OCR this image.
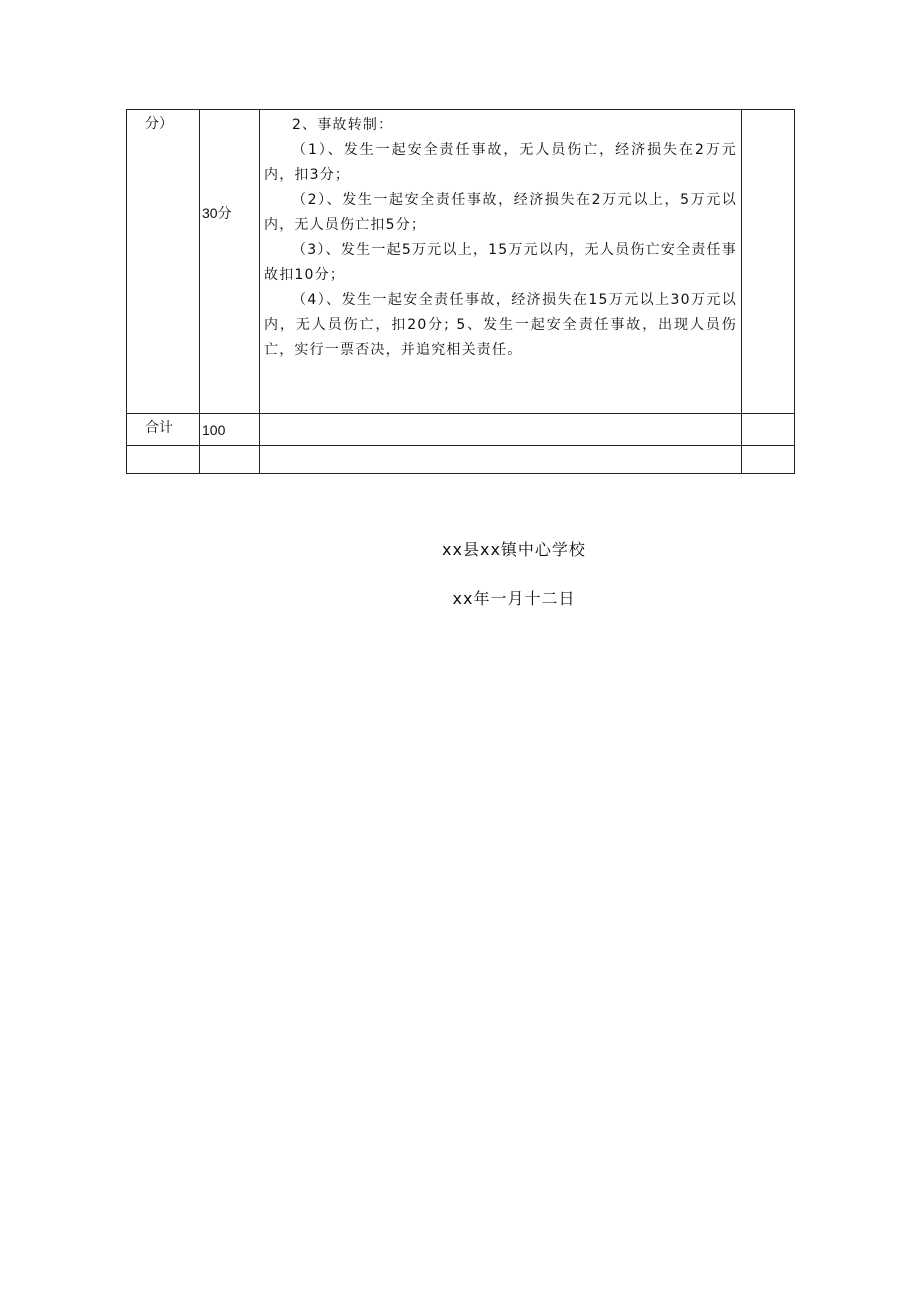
分）	30分	2、事故转制：
（1）、发生一起安全责任事故，无人员伤亡，经济损失在2万元内，扣3分；
（2）、发生一起安全责任事故，经济损失在2万元以上，5万元以内，无人员伤亡扣5分；
（3）、发生一起5万元以上，15万元以内，无人员伤亡安全责任事故扣10分；
（4）、发生一起安全责任事故，经济损失在15万元以上30万元以内，无人员伤亡，扣20分; 5、发生一起安全责任事故，出现人员伤亡，实行一票否决，并追究相关责任。	

合计	100		

xx县xx镇中心学校
xx年一月十二日
